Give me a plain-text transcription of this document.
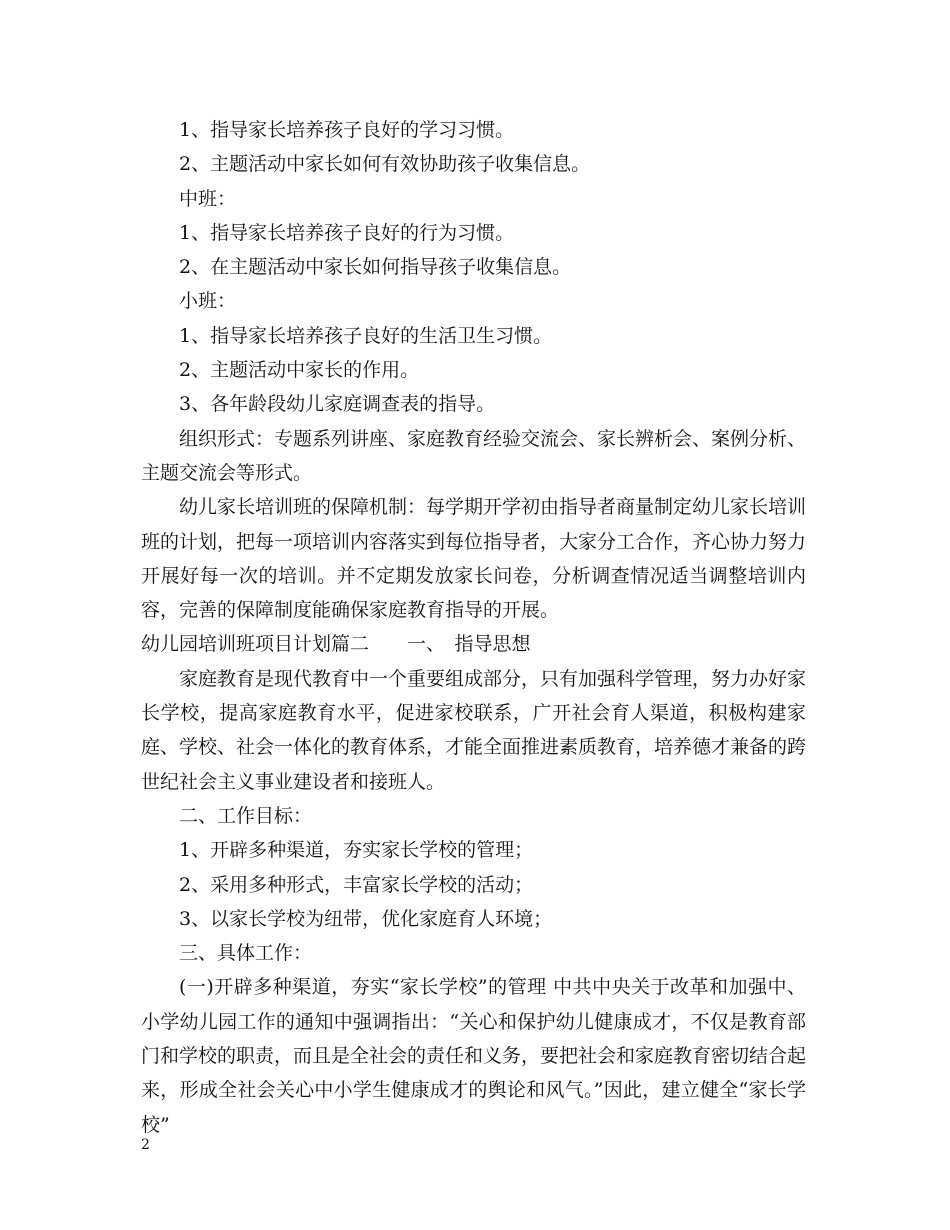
1、指导家长培养孩子良好的学习习惯。

2、主题活动中家长如何有效协助孩子收集信息。

中班：

1、指导家长培养孩子良好的行为习惯。

2、在主题活动中家长如何指导孩子收集信息。

小班：

1、指导家长培养孩子良好的生活卫生习惯。

2、主题活动中家长的作用。

3、各年龄段幼儿家庭调查表的指导。

组织形式：专题系列讲座、家庭教育经验交流会、家长辨析会、案例分析、主题交流会等形式。

幼儿家长培训班的保障机制：每学期开学初由指导者商量制定幼儿家长培训班的计划，把每一项培训内容落实到每位指导者，大家分工合作，齐心协力努力开展好每一次的培训。并不定期发放家长问卷，分析调查情况适当调整培训内容，完善的保障制度能确保家庭教育指导的开展。

幼儿园培训班项目计划篇二　　一、　指导思想

家庭教育是现代教育中一个重要组成部分，只有加强科学管理，努力办好家长学校，提高家庭教育水平，促进家校联系，广开社会育人渠道，积极构建家庭、学校、社会一体化的教育体系，才能全面推进素质教育，培养德才兼备的跨世纪社会主义事业建设者和接班人。

二、工作目标：

1、开辟多种渠道，夯实家长学校的管理；

2、采用多种形式，丰富家长学校的活动；

3、以家长学校为纽带，优化家庭育人环境；

三、具体工作：

(一)开辟多种渠道，夯实“家长学校”的管理 中共中央关于改革和加强中、小学幼儿园工作的通知中强调指出：“关心和保护幼儿健康成才，不仅是教育部门和学校的职责，而且是全社会的责任和义务，要把社会和家庭教育密切结合起来，形成全社会关心中小学生健康成才的舆论和风气。”因此，建立健全“家长学校”

2
